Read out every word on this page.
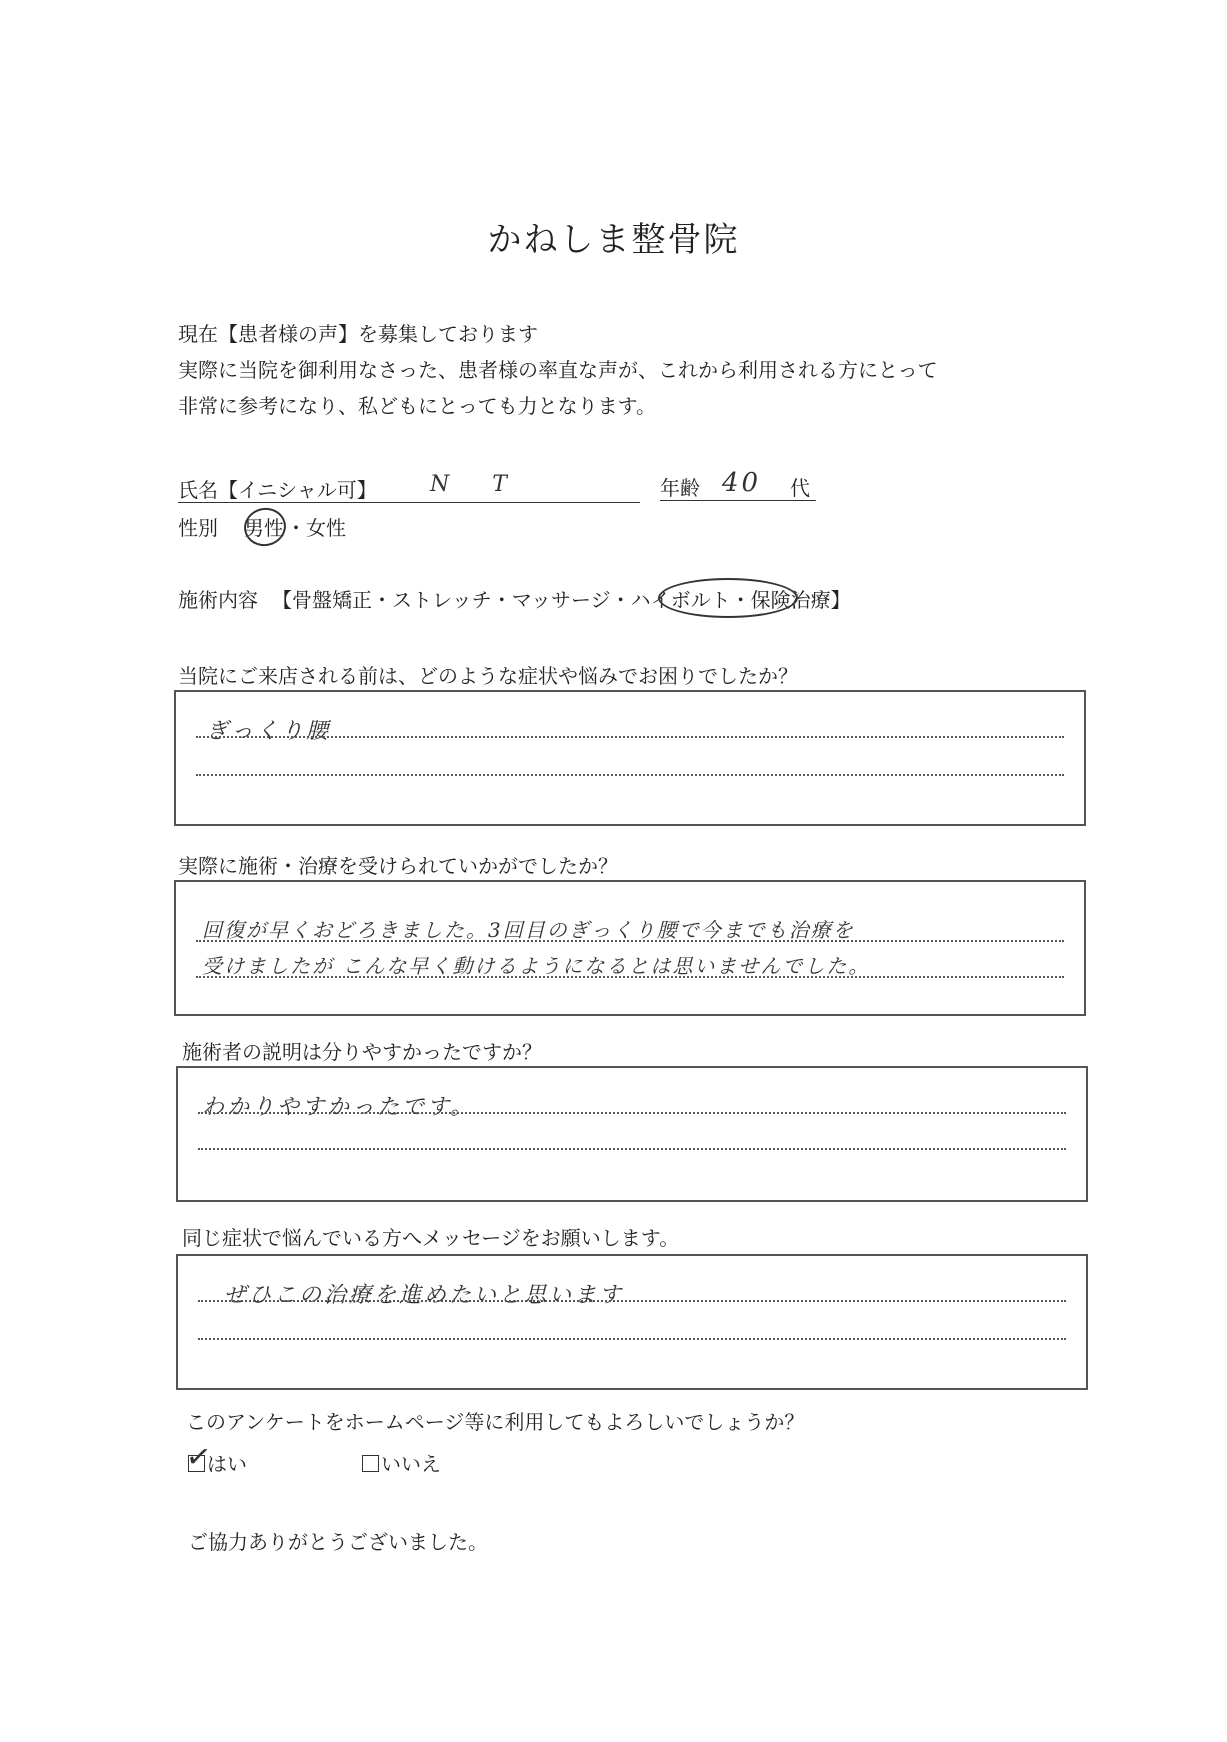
かねしま整骨院
現在【患者様の声】を募集しております
実際に当院を御利用なさった、患者様の率直な声が、これから利用される方にとって
非常に参考になり、私どもにとっても力となります。
氏名【イニシャル可】 N T	年齢 40 代
性別 男性 ・ 女性
施術内容 【骨盤矯正・ストレッチ・マッサージ・ハイボルト・保険治療】
当院にご来店される前は、どのような症状や悩みでお困りでしたか？
ぎっくり腰
実際に施術・治療を受けられていかがでしたか？
回復が早くおどろきました。3回目のぎっくり腰で今までも治療を
受けましたが こんな早く動けるようになるとは思いませんでした。
施術者の説明は分りやすかったですか？
わかりやすかったです。
同じ症状で悩んでいる方へメッセージをお願いします。
ぜひこの治療を進めたいと思います
このアンケートをホームページ等に利用してもよろしいでしょうか？
はい
✓	いいえ
ご協力ありがとうございました。
